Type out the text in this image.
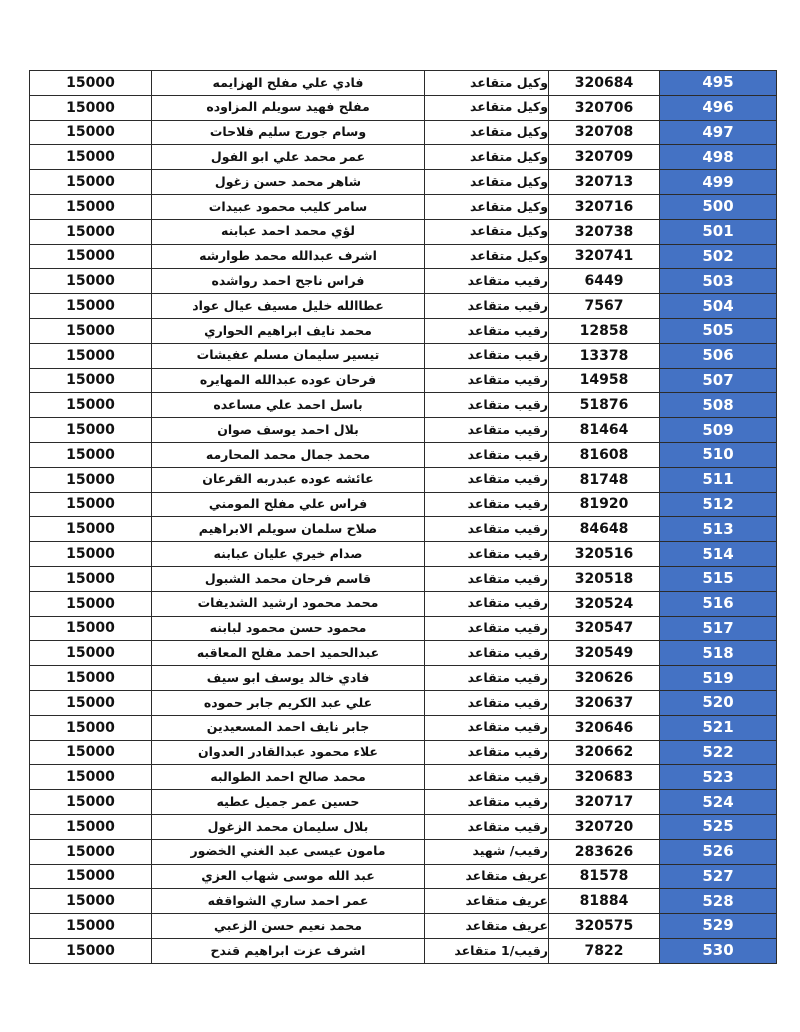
15000	فادي علي مفلح الهزايمه	وكيل متقاعد	320684	495
15000	مفلح فهيد سويلم المزاوده	وكيل متقاعد	320706	496
15000	وسام جورج سليم فلاحات	وكيل متقاعد	320708	497
15000	عمر محمد علي ابو الفول	وكيل متقاعد	320709	498
15000	شاهر محمد حسن زغول	وكيل متقاعد	320713	499
15000	سامر كليب محمود عبيدات	وكيل متقاعد	320716	500
15000	لؤي محمد احمد عبابنه	وكيل متقاعد	320738	501
15000	اشرف عبدالله محمد طوارشه	وكيل متقاعد	320741	502
15000	فراس ناجح احمد رواشده	رقيب متقاعد	6449	503
15000	عطاالله خليل مسيف عيال عواد	رقيب متقاعد	7567	504
15000	محمد نايف ابراهيم الحواري	رقيب متقاعد	12858	505
15000	تيسير سليمان مسلم عفيشات	رقيب متقاعد	13378	506
15000	فرحان عوده عبدالله المهايره	رقيب متقاعد	14958	507
15000	باسل احمد علي مساعده	رقيب متقاعد	51876	508
15000	بلال احمد يوسف صوان	رقيب متقاعد	81464	509
15000	محمد جمال محمد المحارمه	رقيب متقاعد	81608	510
15000	عائشه عوده عبدربه القرعان	رقيب متقاعد	81748	511
15000	فراس علي مفلح المومني	رقيب متقاعد	81920	512
15000	صلاح سلمان سويلم الابراهيم	رقيب متقاعد	84648	513
15000	صدام خيري عليان عبابنه	رقيب متقاعد	320516	514
15000	قاسم فرحان محمد الشبول	رقيب متقاعد	320518	515
15000	محمد محمود ارشيد الشديفات	رقيب متقاعد	320524	516
15000	محمود حسن محمود لبابنه	رقيب متقاعد	320547	517
15000	عبدالحميد احمد مفلح المعاقبه	رقيب متقاعد	320549	518
15000	فادي خالد يوسف ابو سيف	رقيب متقاعد	320626	519
15000	علي عبد الكريم جابر حموده	رقيب متقاعد	320637	520
15000	جابر نايف احمد المسعيدين	رقيب متقاعد	320646	521
15000	علاء محمود عبدالقادر العدوان	رقيب متقاعد	320662	522
15000	محمد صالح احمد الطوالبه	رقيب متقاعد	320683	523
15000	حسين عمر جميل عطيه	رقيب متقاعد	320717	524
15000	بلال سليمان محمد الزغول	رقيب متقاعد	320720	525
15000	مامون عيسى عبد الغني الخضور	رقيب/ شهيد	283626	526
15000	عبد الله موسى شهاب العزي	عريف متقاعد	81578	527
15000	عمر احمد ساري الشواقفه	عريف متقاعد	81884	528
15000	محمد نعيم حسن الزعبي	عريف متقاعد	320575	529
15000	اشرف عزت ابراهيم قندح	رقيب/1 متقاعد	7822	530
